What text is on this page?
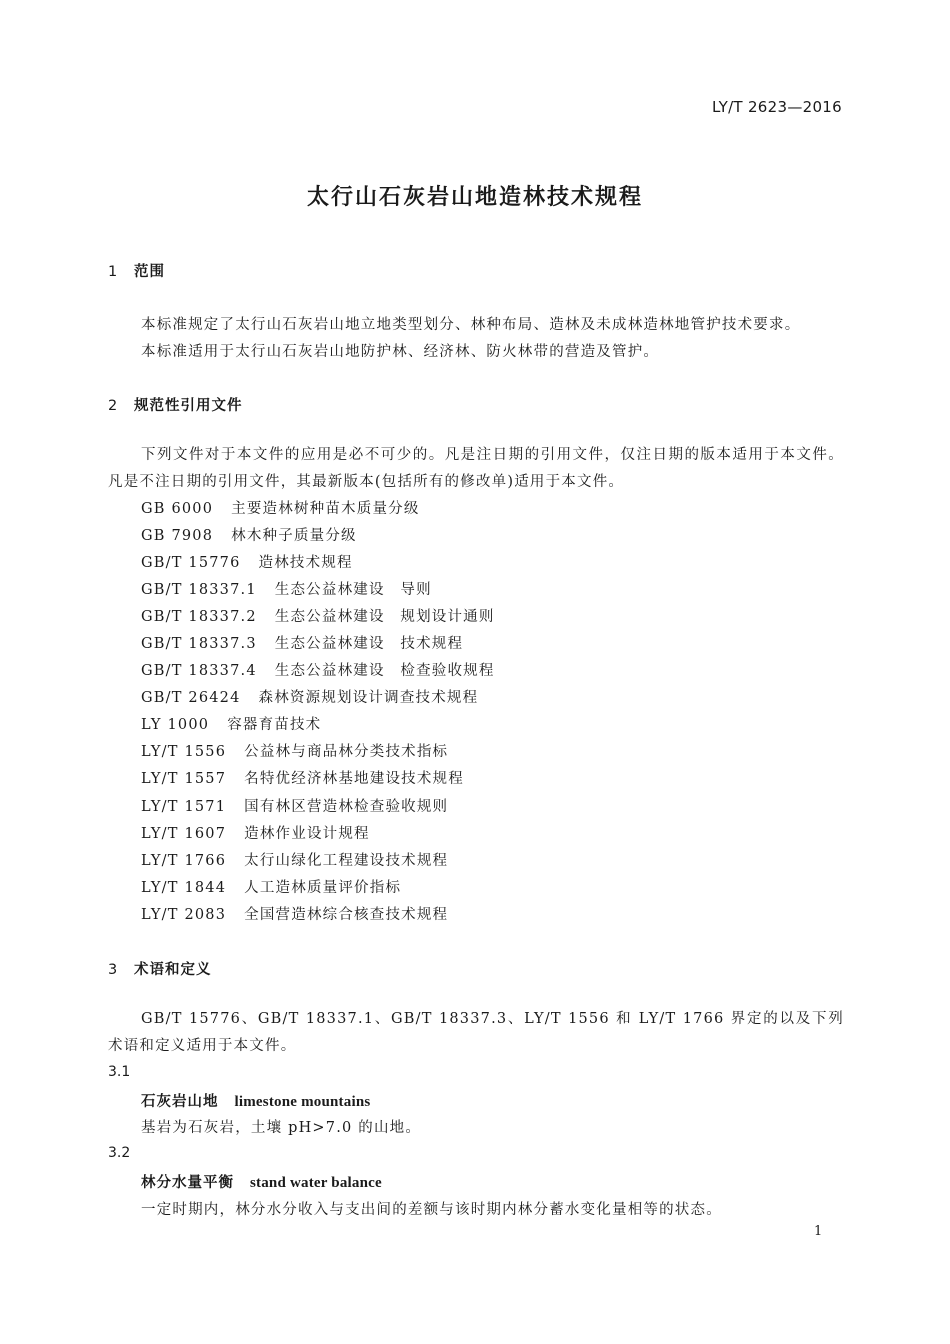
LY/T 2623—2016
太行山石灰岩山地造林技术规程
1 范围

本标准规定了太行山石灰岩山地立地类型划分、林种布局、造林及未成林造林地管护技术要求。

本标准适用于太行山石灰岩山地防护林、经济林、防火林带的营造及管护。

2 规范性引用文件

下列文件对于本文件的应用是必不可少的。凡是注日期的引用文件，仅注日期的版本适用于本文件。凡是不注日期的引用文件，其最新版本(包括所有的修改单)适用于本文件。

GB 6000 主要造林树种苗木质量分级
GB 7908 林木种子质量分级
GB/T 15776 造林技术规程
GB/T 18337.1 生态公益林建设　导则
GB/T 18337.2 生态公益林建设　规划设计通则
GB/T 18337.3 生态公益林建设　技术规程
GB/T 18337.4 生态公益林建设　检查验收规程
GB/T 26424 森林资源规划设计调查技术规程
LY 1000 容器育苗技术
LY/T 1556 公益林与商品林分类技术指标
LY/T 1557 名特优经济林基地建设技术规程
LY/T 1571 国有林区营造林检查验收规则
LY/T 1607 造林作业设计规程
LY/T 1766 太行山绿化工程建设技术规程
LY/T 1844 人工造林质量评价指标
LY/T 2083 全国营造林综合核查技术规程
3 术语和定义

GB/T 15776、GB/T 18337.1、GB/T 18337.3、LY/T 1556 和 LY/T 1766 界定的以及下列术语和定义适用于本文件。

3.1
石灰岩山地 limestone mountains
基岩为石灰岩，土壤 pH>7.0 的山地。
3.2
林分水量平衡 stand water balance
一定时期内，林分水分收入与支出间的差额与该时期内林分蓄水变化量相等的状态。
1
